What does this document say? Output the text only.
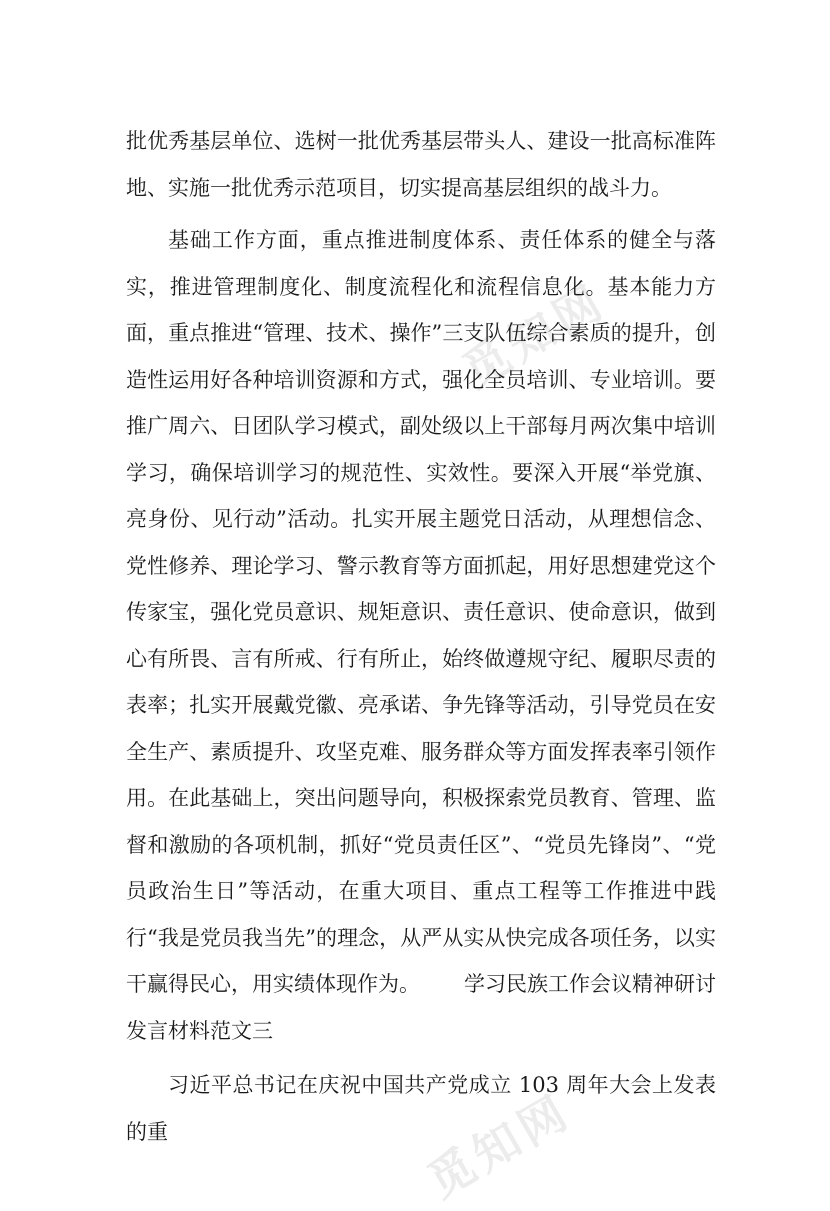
觅知网
觅知网

批优秀基层单位、选树一批优秀基层带头人、建设一批高标准阵地、实施一批优秀示范项目，切实提高基层组织的战斗力。

基础工作方面，重点推进制度体系、责任体系的健全与落实，推进管理制度化、制度流程化和流程信息化。基本能力方面，重点推进“管理、技术、操作”三支队伍综合素质的提升，创造性运用好各种培训资源和方式，强化全员培训、专业培训。要推广周六、日团队学习模式，副处级以上干部每月两次集中培训学习，确保培训学习的规范性、实效性。要深入开展“举党旗、亮身份、见行动”活动。扎实开展主题党日活动，从理想信念、党性修养、理论学习、警示教育等方面抓起，用好思想建党这个传家宝，强化党员意识、规矩意识、责任意识、使命意识，做到心有所畏、言有所戒、行有所止，始终做遵规守纪、履职尽责的表率；扎实开展戴党徽、亮承诺、争先锋等活动，引导党员在安全生产、素质提升、攻坚克难、服务群众等方面发挥表率引领作用。在此基础上，突出问题导向，积极探索党员教育、管理、监督和激励的各项机制，抓好“党员责任区”、“党员先锋岗”、“党员政治生日”等活动，在重大项目、重点工程等工作推进中践行“我是党员我当先”的理念，从严从实从快完成各项任务，以实干赢得民心，用实绩体现作为。 学习民族工作会议精神研讨发言材料范文三

习近平总书记在庆祝中国共产党成立 103 周年大会上发表的重
